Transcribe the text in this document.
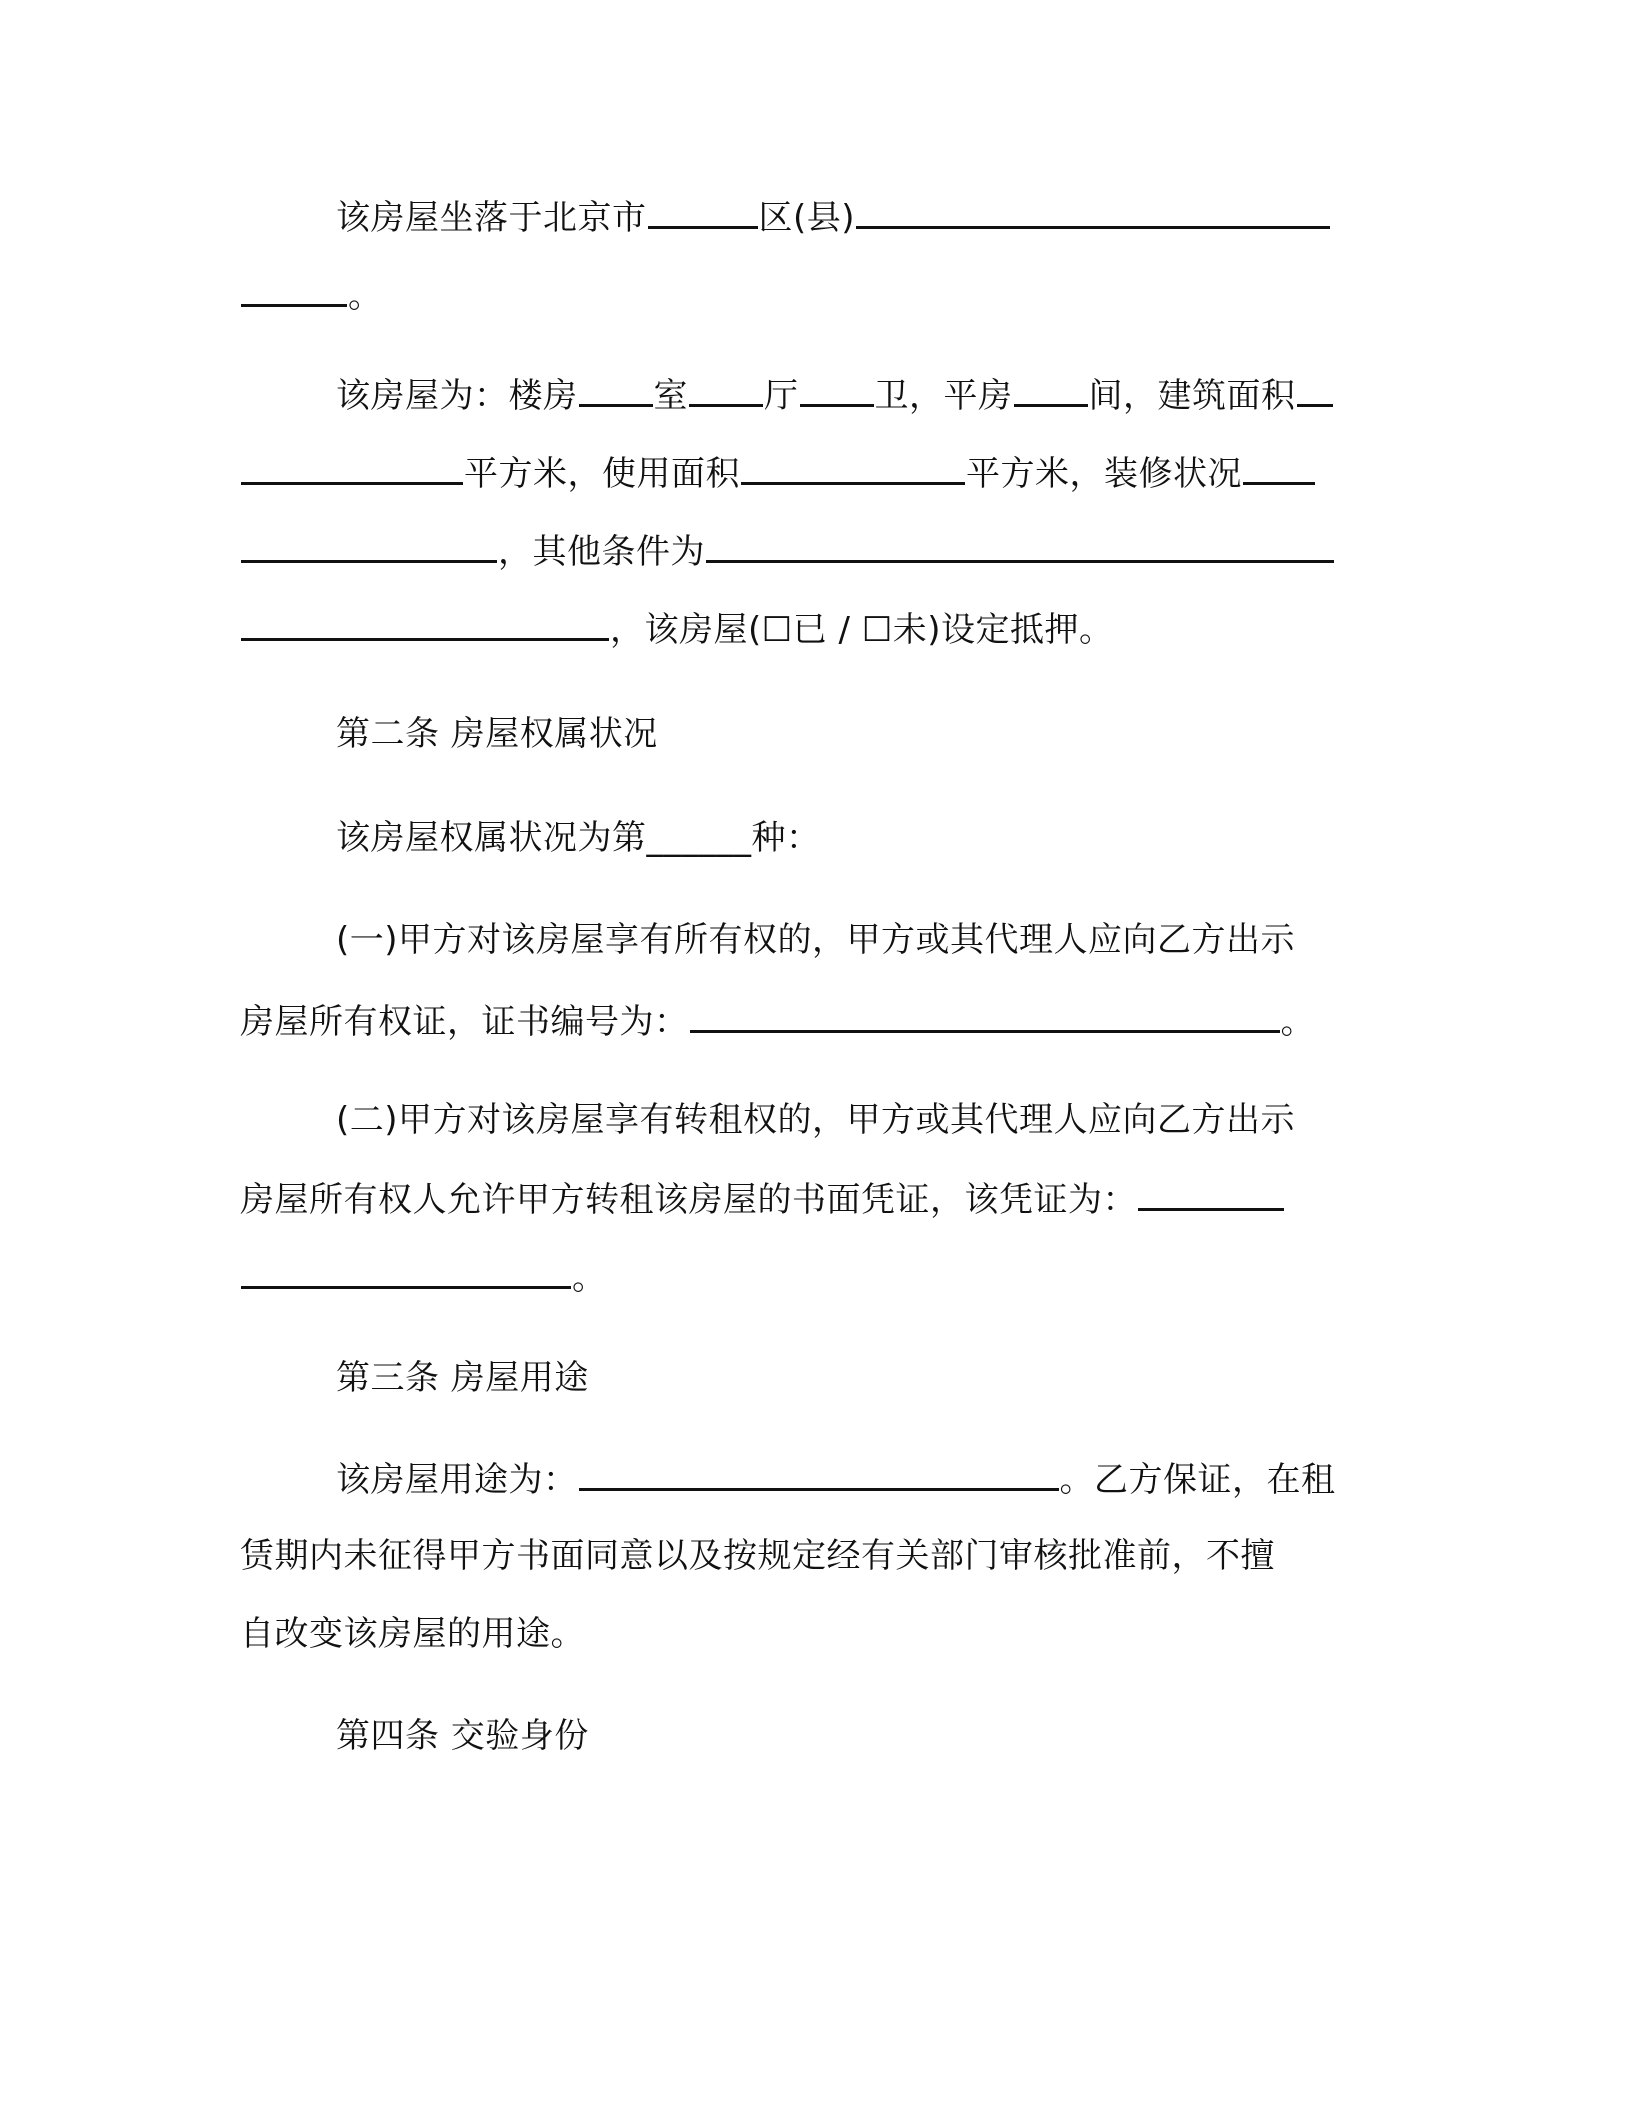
该房屋坐落于北京市	区(县)
。
该房屋为：楼房 室 厅 卫，平房 间，建筑面积
平方米，使用面积	平方米，装修状况
，其他条件为
，该房屋(☐已 / ☐未)设定抵押。
第二条 房屋权属状况
该房屋权属状况为第______种：
(一)甲方对该房屋享有所有权的，甲方或其代理人应向乙方出示
房屋所有权证，证书编号为：	。
(二)甲方对该房屋享有转租权的，甲方或其代理人应向乙方出示
房屋所有权人允许甲方转租该房屋的书面凭证，该凭证为：
。
第三条 房屋用途
该房屋用途为：	。乙方保证，在租
赁期内未征得甲方书面同意以及按规定经有关部门审核批准前，不擅
自改变该房屋的用途。
第四条 交验身份
